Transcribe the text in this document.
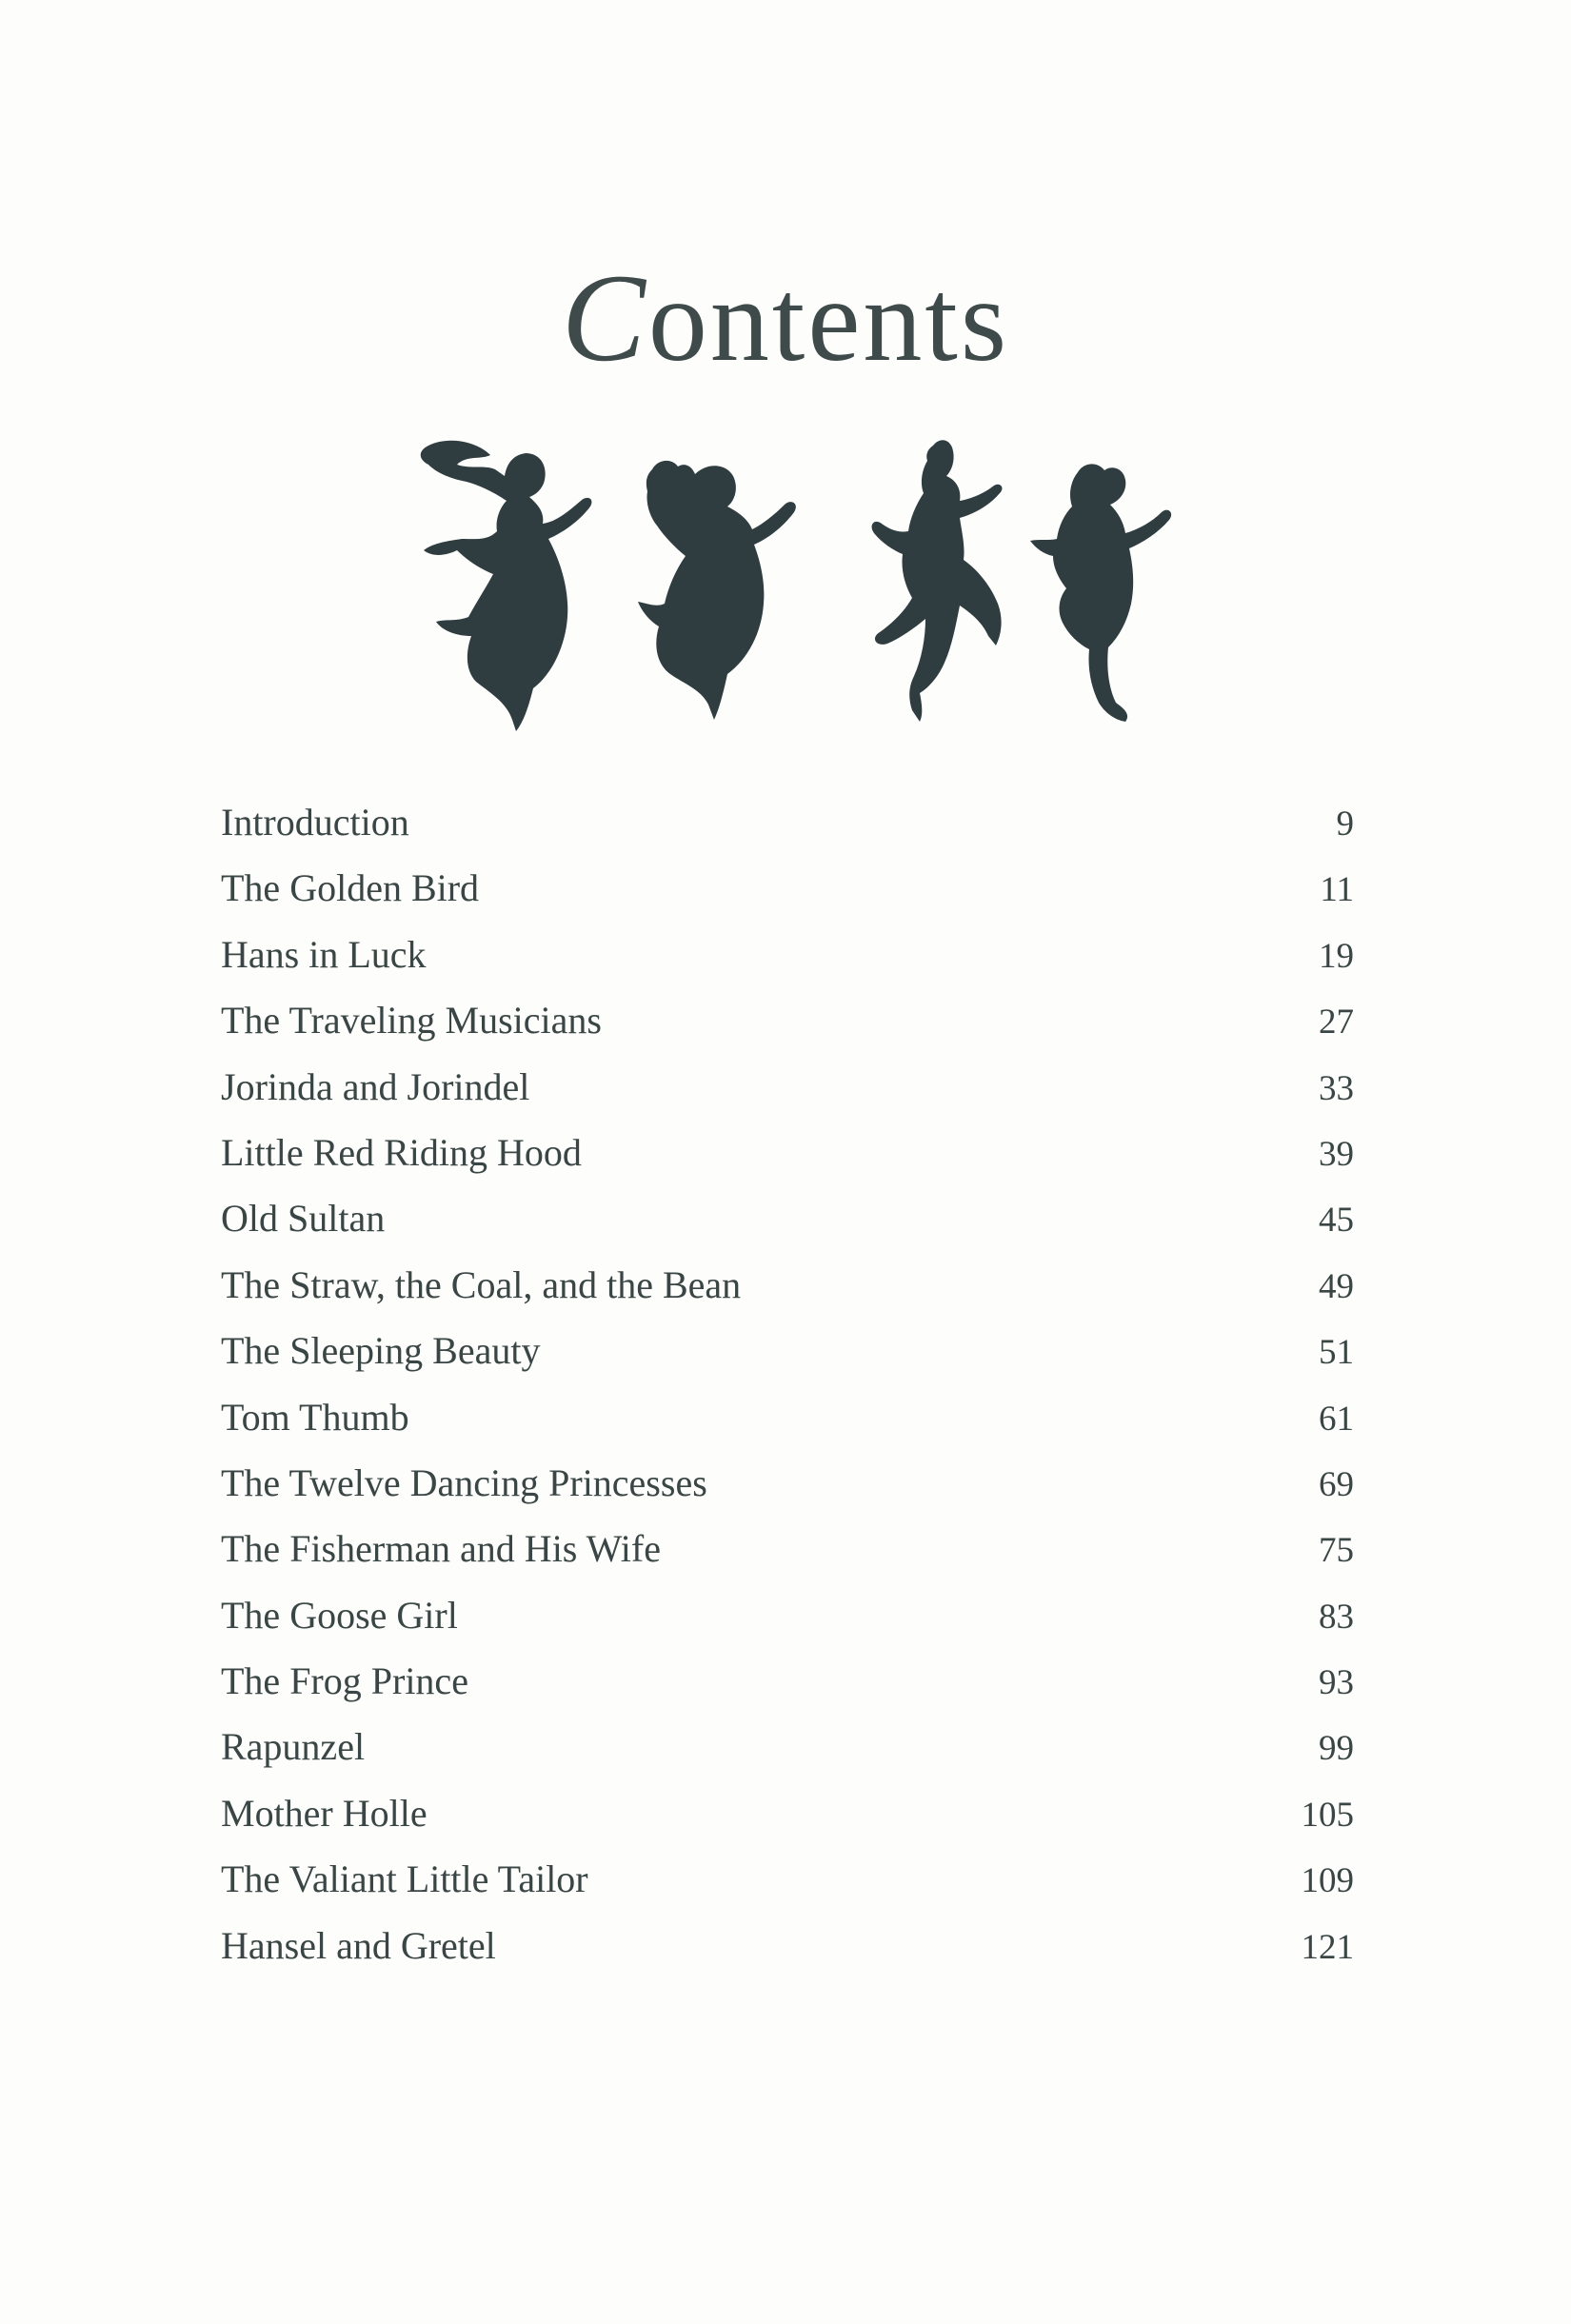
Contents
Introduction	9
The Golden Bird	11
Hans in Luck	19
The Traveling Musicians	27
Jorinda and Jorindel	33
Little Red Riding Hood	39
Old Sultan	45
The Straw, the Coal, and the Bean	49
The Sleeping Beauty	51
Tom Thumb	61
The Twelve Dancing Princesses	69
The Fisherman and His Wife	75
The Goose Girl	83
The Frog Prince	93
Rapunzel	99
Mother Holle	105
The Valiant Little Tailor	109
Hansel and Gretel	121
